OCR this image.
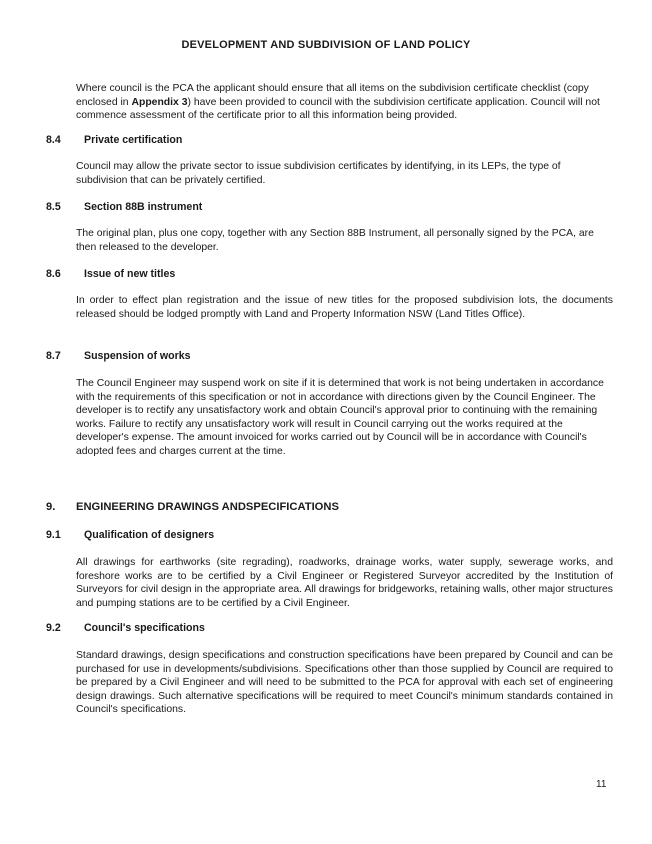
DEVELOPMENT AND SUBDIVISION OF LAND POLICY

Where council is the PCA the applicant should ensure that all items on the subdivision certificate checklist (copy enclosed in Appendix 3) have been provided to council with the subdivision certificate application. Council will not commence assessment of the certificate prior to all this information being provided.

8.4 Private certification

Council may allow the private sector to issue subdivision certificates by identifying, in its LEPs, the type of subdivision that can be privately certified.

8.5 Section 88B instrument

The original plan, plus one copy, together with any Section 88B Instrument, all personally signed by the PCA, are then released to the developer.

8.6 Issue of new titles

In order to effect plan registration and the issue of new titles for the proposed subdivision lots, the documents released should be lodged promptly with Land and Property Information NSW (Land Titles Office).

8.7 Suspension of works

The Council Engineer may suspend work on site if it is determined that work is not being undertaken in accordance with the requirements of this specification or not in accordance with directions given by the Council Engineer. The developer is to rectify any unsatisfactory work and obtain Council's approval prior to continuing with the remaining works. Failure to rectify any unsatisfactory work will result in Council carrying out the works required at the developer's expense. The amount invoiced for works carried out by Council will be in accordance with Council's adopted fees and charges current at the time.

9. ENGINEERING DRAWINGS ANDSPECIFICATIONS
9.1 Qualification of designers

All drawings for earthworks (site regrading), roadworks, drainage works, water supply, sewerage works, and foreshore works are to be certified by a Civil Engineer or Registered Surveyor accredited by the Institution of Surveyors for civil design in the appropriate area. All drawings for bridgeworks, retaining walls, other major structures and pumping stations are to be certified by a Civil Engineer.

9.2 Council's specifications

Standard drawings, design specifications and construction specifications have been prepared by Council and can be purchased for use in developments/subdivisions. Specifications other than those supplied by Council are required to be prepared by a Civil Engineer and will need to be submitted to the PCA for approval with each set of engineering design drawings. Such alternative specifications will be required to meet Council's minimum standards contained in Council's specifications.

11
